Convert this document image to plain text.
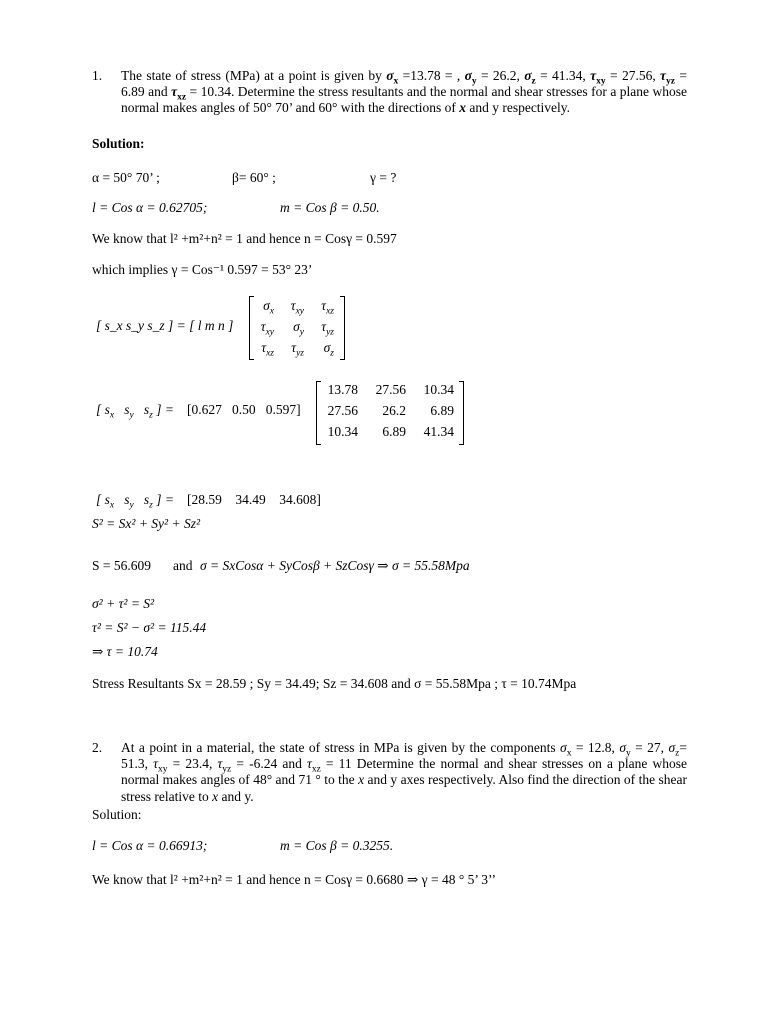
1. The state of stress (MPa) at a point is given by $\sigma_x =13.78$ = , $\sigma_y = 26.2$, $\sigma_z = 41.34$, $\tau_{xy} = 27.56$, $\tau_{yz} = 6.89$ and $\tau_{xz} = 10.34$. Determine the stress resultants and the normal and shear stresses for a plane whose normal makes angles of 50° 70’ and 60° with the directions of x and y respectively.
Solution:
α = 50° 70’ ;	β= 60° ;	γ = ?
l = Cos α = 0.62705;	m = Cos β = 0.50.
We know that l² +m²+n² = 1 and hence n = Cosγ = 0.597
which implies γ = Cos⁻¹ 0.597 = 53° 23’
[ s_x s_y s_z ] = [ l m n ]
$\sigma_x$	$\tau_{xy}$	$\tau_{xz}$
$\tau_{xy}$	$\sigma_y$	$\tau_{yz}$
$\tau_{xz}$	$\tau_{yz}$	$\sigma_z$
[ $s_x$   $s_y$   $s_z$ ] = [0.627 0.50 0.597]
13.78	27.56	10.34
27.56	26.2	6.89
10.34	6.89	41.34
[ $s_x$   $s_y$   $s_z$ ] = [28.59 34.49 34.608]
S² = Sx² + Sy² + Sz²
S = 56.609 and σ = SxCosα + SyCosβ + SzCosγ ⇒ σ = 55.58Mpa
σ² + τ² = S²
τ² = S² − σ² = 115.44
⇒ τ = 10.74
Stress Resultants Sx = 28.59 ; Sy = 34.49; Sz = 34.608 and σ = 55.58Mpa ; τ = 10.74Mpa
2. At a point in a material, the state of stress in MPa is given by the components $\sigma_x = 12.8$, $\sigma_y = 27$, $\sigma_z= 51.3$, $\tau_{xy} = 23.4$, $\tau_{yz} = -6.24$ and $\tau_{xz} = 11$ Determine the normal and shear stresses on a plane whose normal makes angles of 48° and 71 ° to the x and y axes respectively. Also find the direction of the shear stress relative to x and y.
Solution:
l = Cos α = 0.66913;	m = Cos β = 0.3255.
We know that l² +m²+n² = 1 and hence n = Cosγ = 0.6680 ⇒ γ = 48 ° 5’ 3’’
